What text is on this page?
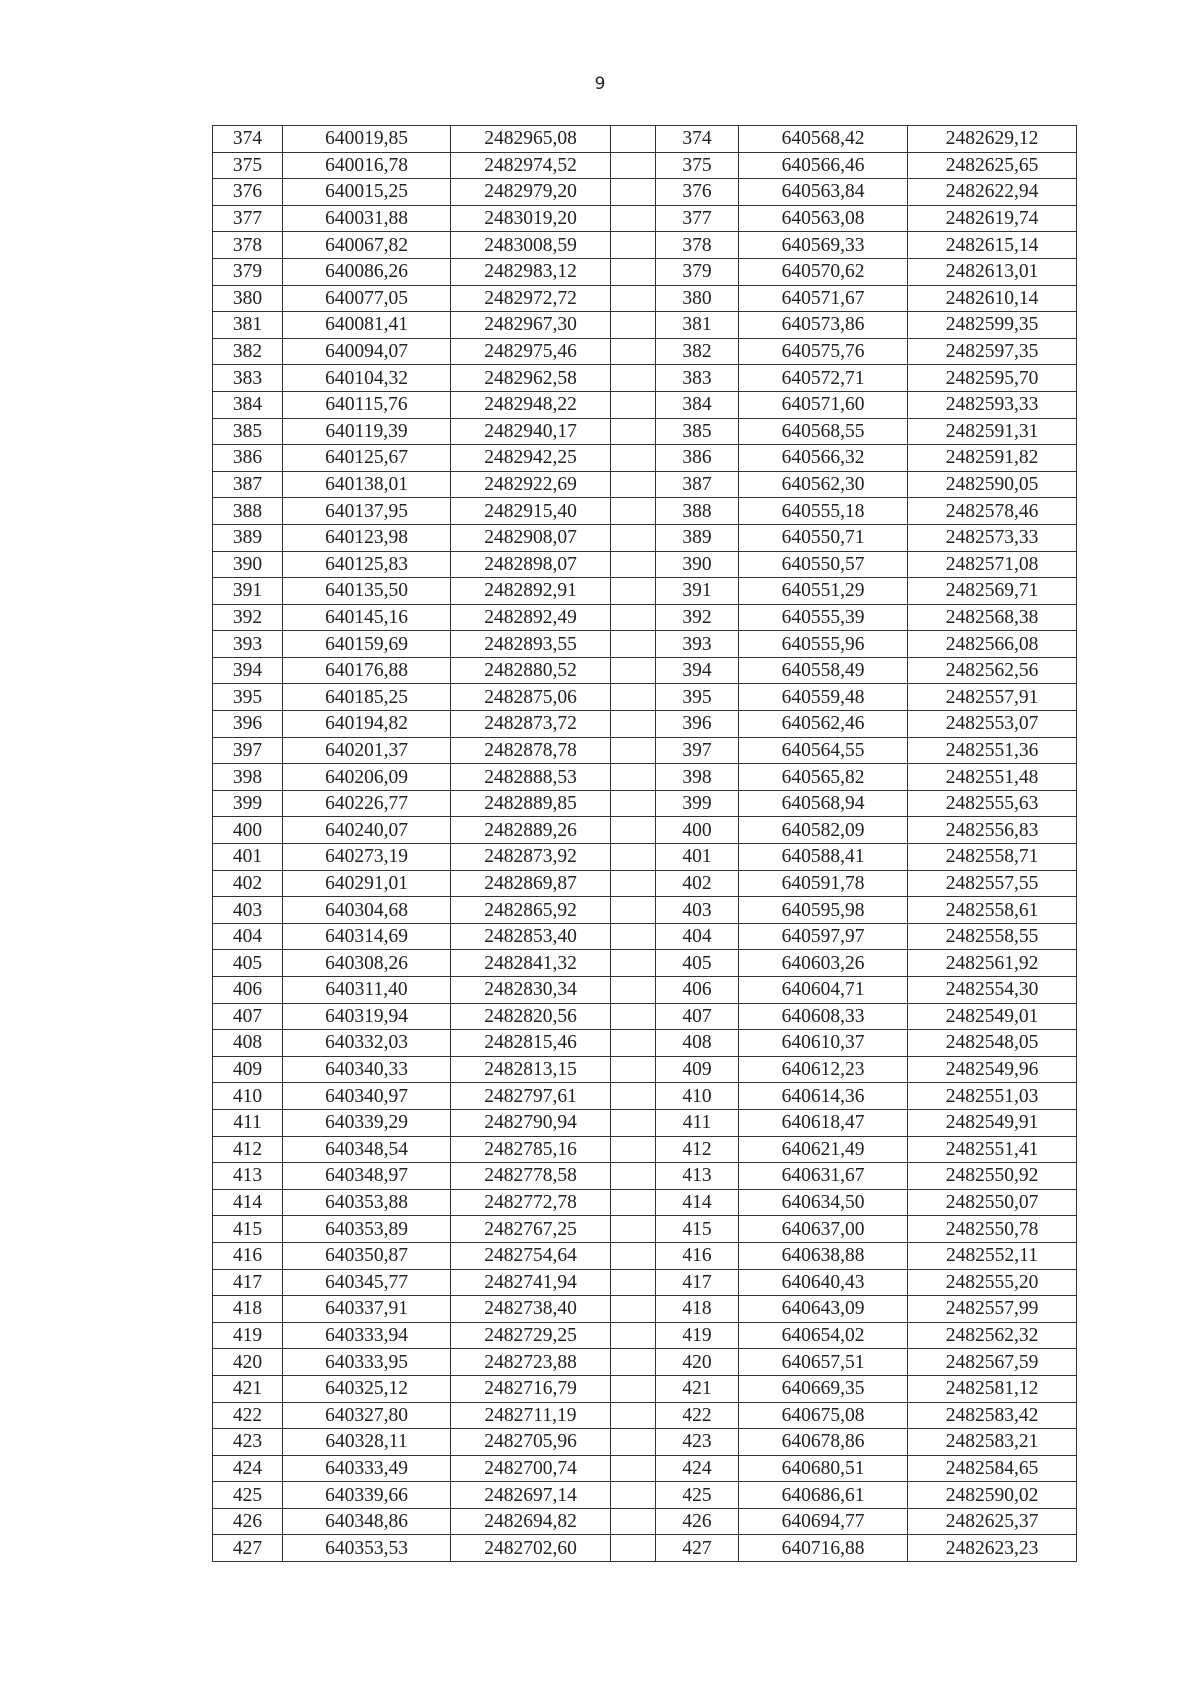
9
374	640019,85	2482965,08		374	640568,42	2482629,12
375	640016,78	2482974,52		375	640566,46	2482625,65
376	640015,25	2482979,20		376	640563,84	2482622,94
377	640031,88	2483019,20		377	640563,08	2482619,74
378	640067,82	2483008,59		378	640569,33	2482615,14
379	640086,26	2482983,12		379	640570,62	2482613,01
380	640077,05	2482972,72		380	640571,67	2482610,14
381	640081,41	2482967,30		381	640573,86	2482599,35
382	640094,07	2482975,46		382	640575,76	2482597,35
383	640104,32	2482962,58		383	640572,71	2482595,70
384	640115,76	2482948,22		384	640571,60	2482593,33
385	640119,39	2482940,17		385	640568,55	2482591,31
386	640125,67	2482942,25		386	640566,32	2482591,82
387	640138,01	2482922,69		387	640562,30	2482590,05
388	640137,95	2482915,40		388	640555,18	2482578,46
389	640123,98	2482908,07		389	640550,71	2482573,33
390	640125,83	2482898,07		390	640550,57	2482571,08
391	640135,50	2482892,91		391	640551,29	2482569,71
392	640145,16	2482892,49		392	640555,39	2482568,38
393	640159,69	2482893,55		393	640555,96	2482566,08
394	640176,88	2482880,52		394	640558,49	2482562,56
395	640185,25	2482875,06		395	640559,48	2482557,91
396	640194,82	2482873,72		396	640562,46	2482553,07
397	640201,37	2482878,78		397	640564,55	2482551,36
398	640206,09	2482888,53		398	640565,82	2482551,48
399	640226,77	2482889,85		399	640568,94	2482555,63
400	640240,07	2482889,26		400	640582,09	2482556,83
401	640273,19	2482873,92		401	640588,41	2482558,71
402	640291,01	2482869,87		402	640591,78	2482557,55
403	640304,68	2482865,92		403	640595,98	2482558,61
404	640314,69	2482853,40		404	640597,97	2482558,55
405	640308,26	2482841,32		405	640603,26	2482561,92
406	640311,40	2482830,34		406	640604,71	2482554,30
407	640319,94	2482820,56		407	640608,33	2482549,01
408	640332,03	2482815,46		408	640610,37	2482548,05
409	640340,33	2482813,15		409	640612,23	2482549,96
410	640340,97	2482797,61		410	640614,36	2482551,03
411	640339,29	2482790,94		411	640618,47	2482549,91
412	640348,54	2482785,16		412	640621,49	2482551,41
413	640348,97	2482778,58		413	640631,67	2482550,92
414	640353,88	2482772,78		414	640634,50	2482550,07
415	640353,89	2482767,25		415	640637,00	2482550,78
416	640350,87	2482754,64		416	640638,88	2482552,11
417	640345,77	2482741,94		417	640640,43	2482555,20
418	640337,91	2482738,40		418	640643,09	2482557,99
419	640333,94	2482729,25		419	640654,02	2482562,32
420	640333,95	2482723,88		420	640657,51	2482567,59
421	640325,12	2482716,79		421	640669,35	2482581,12
422	640327,80	2482711,19		422	640675,08	2482583,42
423	640328,11	2482705,96		423	640678,86	2482583,21
424	640333,49	2482700,74		424	640680,51	2482584,65
425	640339,66	2482697,14		425	640686,61	2482590,02
426	640348,86	2482694,82		426	640694,77	2482625,37
427	640353,53	2482702,60		427	640716,88	2482623,23
